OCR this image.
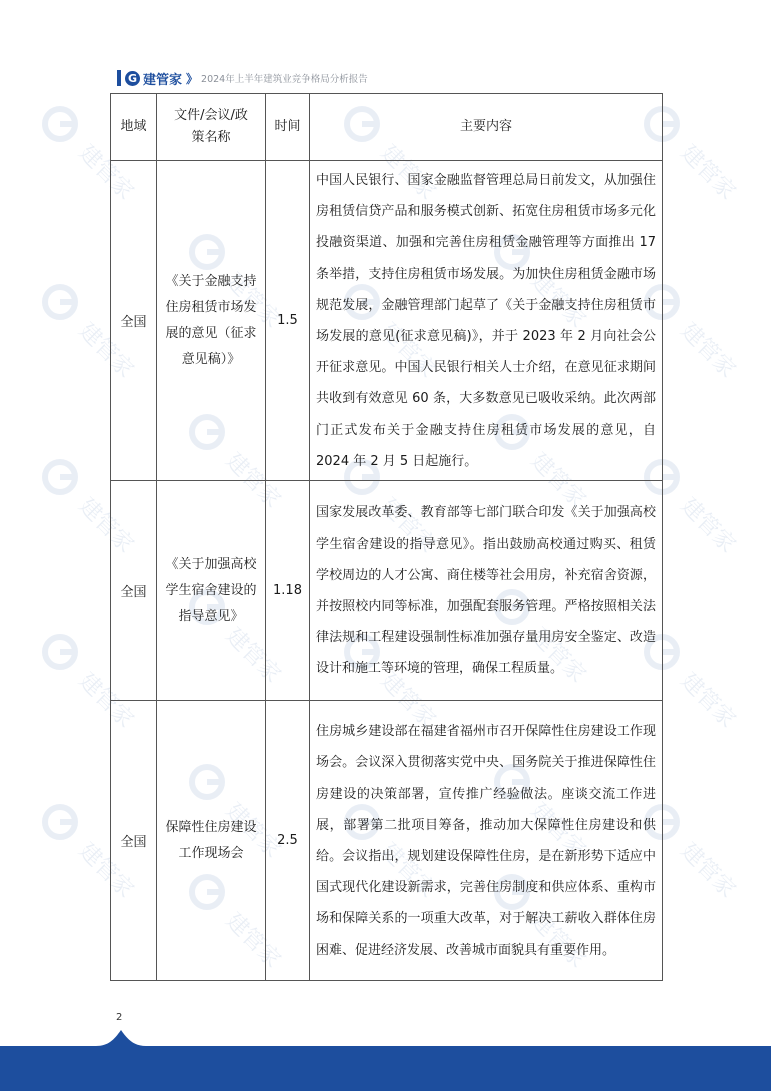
G 建管家 》 2024年上半年建筑业竞争格局分析报告
地域	文件/会议/政策名称	时间	主要内容
全国	《关于金融支持住房租赁市场发展的意见（征求意见稿）》	1.5	中国人民银行、国家金融监督管理总局日前发文，从加强住房租赁信贷产品和服务模式创新、拓宽住房租赁市场多元化投融资渠道、加强和完善住房租赁金融管理等方面推出 17 条举措，支持住房租赁市场发展。为加快住房租赁金融市场规范发展，金融管理部门起草了《关于金融支持住房租赁市场发展的意见(征求意见稿)》，并于 2023 年 2 月向社会公开征求意见。中国人民银行相关人士介绍，在意见征求期间共收到有效意见 60 条，大多数意见已吸收采纳。此次两部门正式发布关于金融支持住房租赁市场发展的意见，自 2024 年 2 月 5 日起施行。
全国	《关于加强高校学生宿舍建设的指导意见》	1.18	国家发展改革委、教育部等七部门联合印发《关于加强高校学生宿舍建设的指导意见》。指出鼓励高校通过购买、租赁学校周边的人才公寓、商住楼等社会用房，补充宿舍资源，并按照校内同等标准，加强配套服务管理。严格按照相关法律法规和工程建设强制性标准加强存量用房安全鉴定、改造设计和施工等环境的管理，确保工程质量。
全国	保障性住房建设工作现场会	2.5	住房城乡建设部在福建省福州市召开保障性住房建设工作现场会。会议深入贯彻落实党中央、国务院关于推进保障性住房建设的决策部署，宣传推广经验做法。座谈交流工作进展，部署第二批项目筹备，推动加大保障性住房建设和供给。会议指出，规划建设保障性住房，是在新形势下适应中国式现代化建设新需求，完善住房制度和供应体系、重构市场和保障关系的一项重大改革，对于解决工薪收入群体住房困难、促进经济发展、改善城市面貌具有重要作用。
2
